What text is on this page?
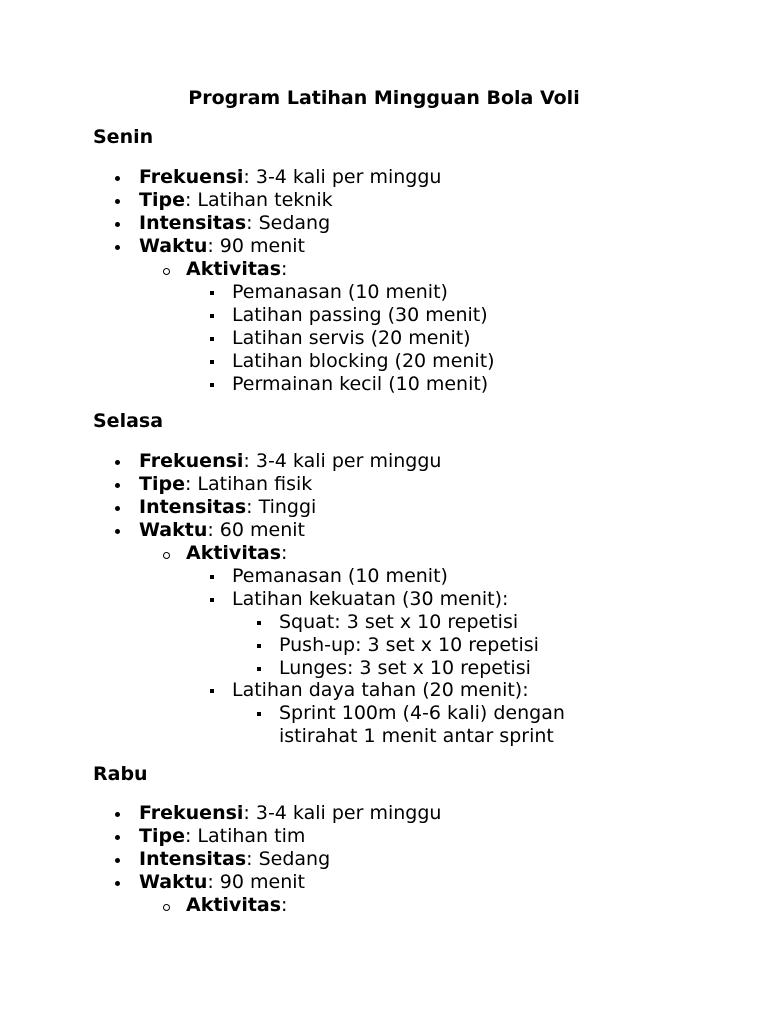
Program Latihan Mingguan Bola Voli
Senin
Frekuensi: 3-4 kali per minggu
Tipe: Latihan teknik
Intensitas: Sedang
Waktu: 90 menit
Aktivitas:
Pemanasan (10 menit)
Latihan passing (30 menit)
Latihan servis (20 menit)
Latihan blocking (20 menit)
Permainan kecil (10 menit)
Selasa
Frekuensi: 3-4 kali per minggu
Tipe: Latihan fisik
Intensitas: Tinggi
Waktu: 60 menit
Aktivitas:
Pemanasan (10 menit)
Latihan kekuatan (30 menit):
Squat: 3 set x 10 repetisi
Push-up: 3 set x 10 repetisi
Lunges: 3 set x 10 repetisi
Latihan daya tahan (20 menit):
Sprint 100m (4-6 kali) dengan
istirahat 1 menit antar sprint
Rabu
Frekuensi: 3-4 kali per minggu
Tipe: Latihan tim
Intensitas: Sedang
Waktu: 90 menit
Aktivitas:
